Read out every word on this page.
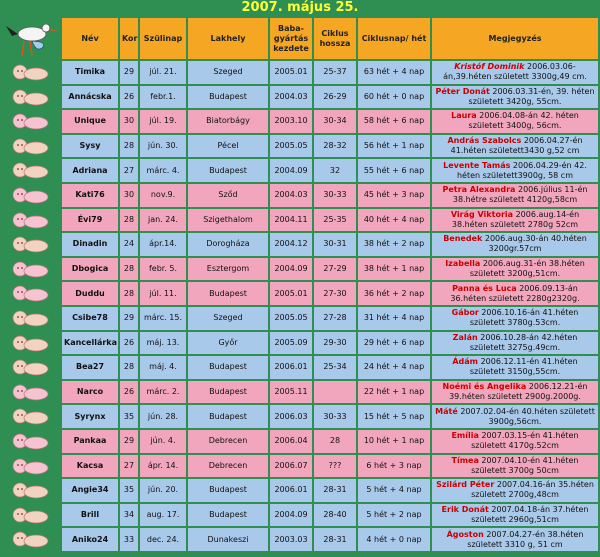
2007. május 25.
Név	Kor	Szülinap	Lakhely	Baba-gyártás kezdete	Ciklus hossza	Ciklusnap/ hét	Megjegyzés
Timika	29	júl. 21.	Szeged	2005.01	25-37	63 hét + 4 nap	Kristóf Dominik 2006.03.06-án,39.héten született 3300g,49 cm.
Annácska	26	febr.1.	Budapest	2004.03	26-29	60 hét + 0 nap	Péter Donát 2006.03.31-én, 39. héten született 3420g, 55cm.
Unique	30	júl. 19.	Biatorbágy	2003.10	30-34	58 hét + 6 nap	Laura 2006.04.08-án 42. héten született 3400g, 56cm.
Sysy	28	jún. 30.	Pécel	2005.05	28-32	56 hét + 1 nap	András Szabolcs 2006.04.27-én 41.héten született3430 g,52 cm
Adriana	27	márc. 4.	Budapest	2004.09	32	55 hét + 6 nap	Levente Tamás 2006.04.29-én 42. héten született3900g, 58 cm
Kati76	30	nov.9.	Sződ	2004.03	30-33	45 hét + 3 nap	Petra Alexandra 2006.július 11-én 38.hétre született 4120g,58cm
Évi79	28	jan. 24.	Szigethalom	2004.11	25-35	40 hét + 4 nap	Virág Viktoria 2006.aug.14-én 38.héten született 2780g 52cm
Dinadin	24	ápr.14.	Dorogháza	2004.12	30-31	38 hét + 2 nap	Benedek 2006.aug.30-án 40.héten 3200gr.57cm
Dbogica	28	febr. 5.	Esztergom	2004.09	27-29	38 hét + 1 nap	Izabella 2006.aug.31-én 38.héten született 3200g,51cm.
Duddu	28	júl. 11.	Budapest	2005.01	27-30	36 hét + 2 nap	Panna és Luca 2006.09.13-án 36.héten született 2280g2320g.
Csibe78	29	márc. 15.	Szeged	2005.05	27-28	31 hét + 4 nap	Gábor 2006.10.16-án 41.héten született 3780g.53cm.
Kancellárka	26	máj. 13.	Győr	2005.09	29-30	29 hét + 6 nap	Zalán 2006.10.28-án 42.héten született 3275g.49cm.
Bea27	28	máj. 4.	Budapest	2006.01	25-34	24 hét + 4 nap	Ádám 2006.12.11-én 41.héten született 3150g,55cm.
Narco	26	márc. 2.	Budapest	2005.11		22 hét + 1 nap	Noémi és Angelika 2006.12.21-én 39.héten született 2900g.2000g.
Syrynx	35	jún. 28.	Budapest	2006.03	30-33	15 hét + 5 nap	Máté 2007.02.04-én 40.héten született 3900g,56cm.
Pankaa	29	jún. 4.	Debrecen	2006.04	28	10 hét + 1 nap	Emília 2007.03.15-én 41.héten született 4170g.52cm
Kacsa	27	ápr. 14.	Debrecen	2006.07	???	6 hét + 3 nap	Tímea 2007.04.10-én 41.héten született 3700g 50cm
Angie34	35	jún. 20.	Budapest	2006.01	28-31	5 hét + 4 nap	Szilárd Péter 2007.04.16-án 35.héten született 2700g,48cm
Brill	34	aug. 17.	Budapest	2004.09	28-40	5 hét + 2 nap	Erik Donát 2007.04.18-án 37.héten született 2960g,51cm
Aniko24	33	dec. 24.	Dunakeszi	2003.03	28-31	4 hét + 0 nap	Ágoston 2007.04.27-én 38.héten született 3310 g, 51 cm
